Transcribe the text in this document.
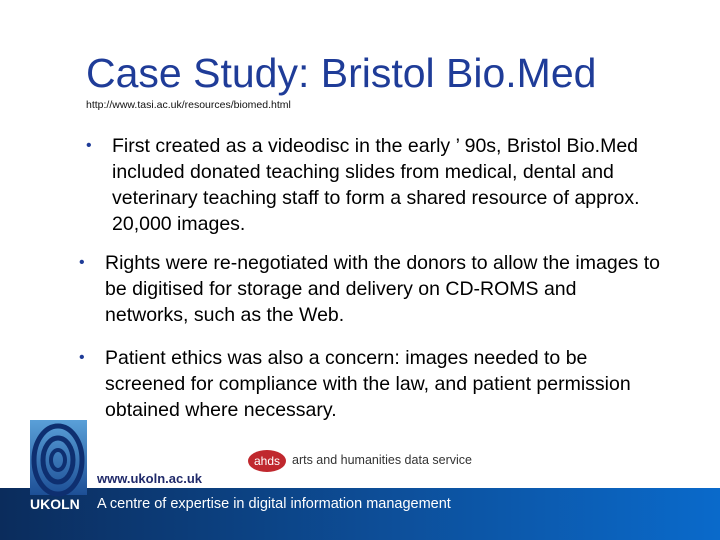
Case Study: Bristol Bio.Med
http://www.tasi.ac.uk/resources/biomed.html
• First created as a videodisc in the early ’ 90s, Bristol Bio.Med included donated teaching slides from medical, dental and veterinary teaching staff to form a shared resource of approx. 20,000 images.
• Rights were re-negotiated with the donors to allow the images to be digitised for storage and delivery on CD-ROMS and networks, such as the Web.
• Patient ethics was also a concern: images needed to be screened for compliance with the law, and patient permission obtained where necessary.
UKOLN
www.ukoln.ac.uk
ahds arts and humanities data service
A centre of expertise in digital information management
